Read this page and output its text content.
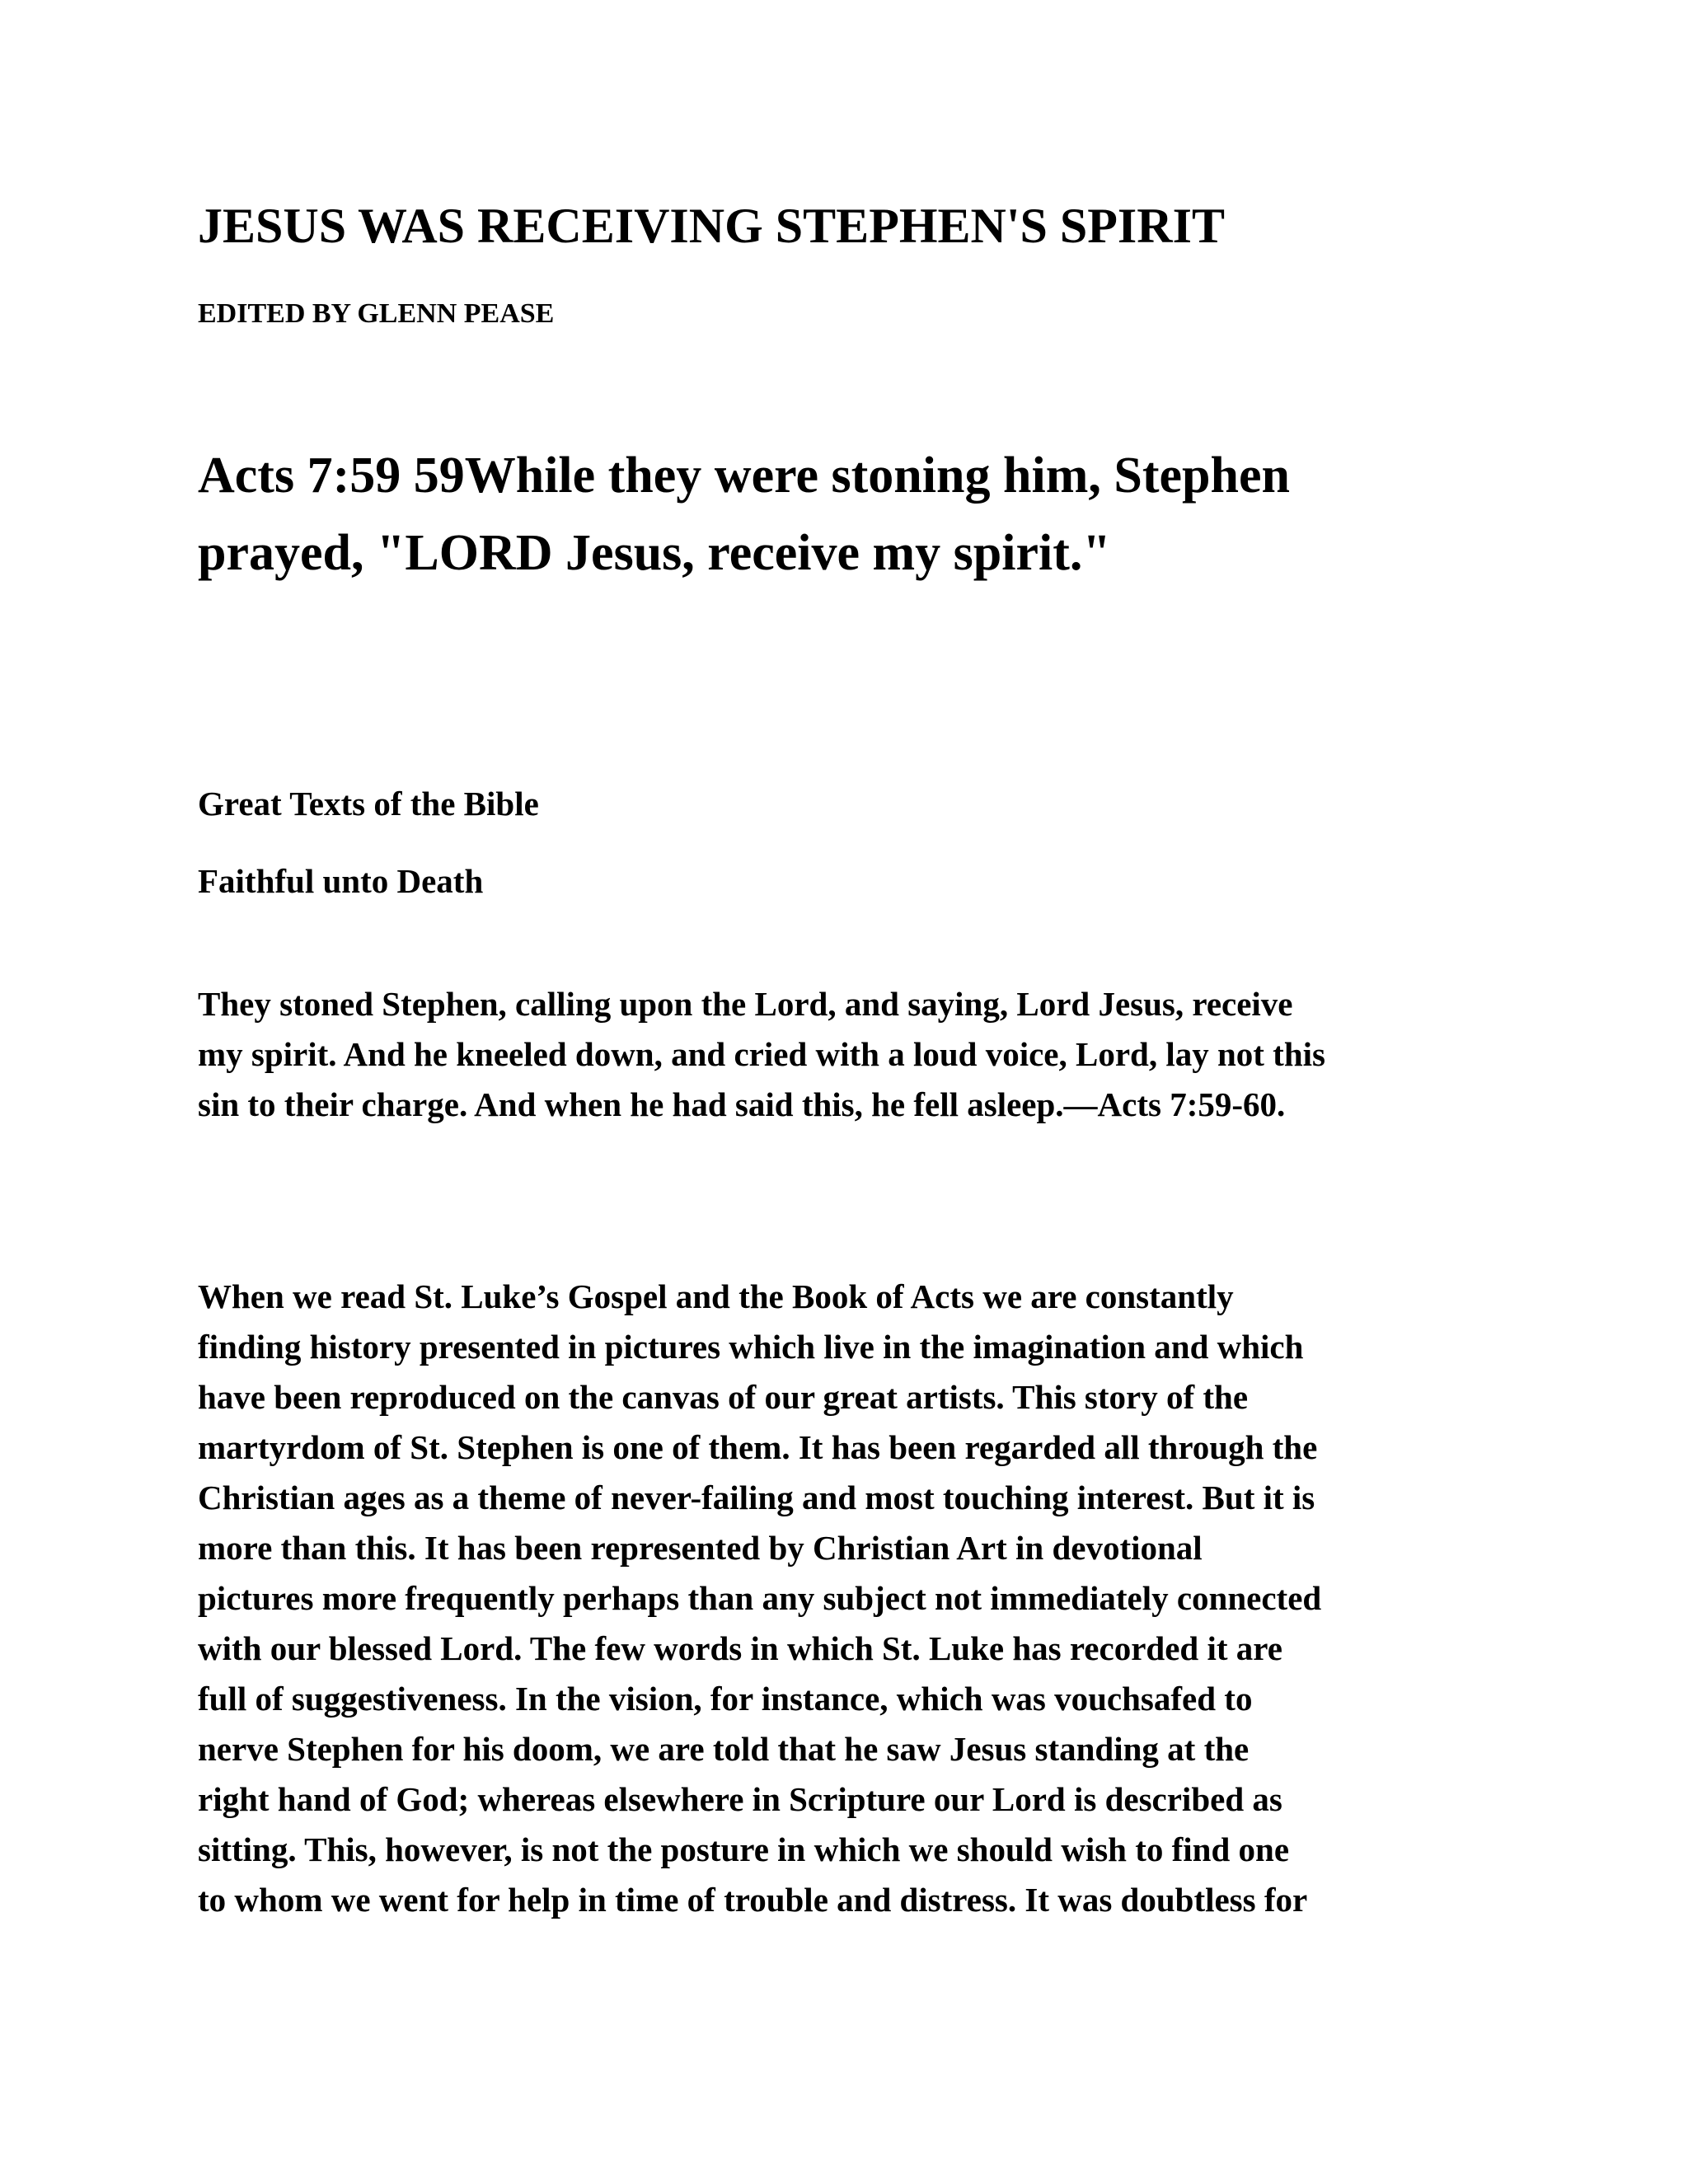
JESUS WAS RECEIVING STEPHEN'S SPIRIT
EDITED BY GLENN PEASE
Acts 7:59 59While they were stoning him, Stephen
prayed, "LORD Jesus, receive my spirit."
Great Texts of the Bible
Faithful unto Death
They stoned Stephen, calling upon the Lord, and saying, Lord Jesus, receive
my spirit. And he kneeled down, and cried with a loud voice, Lord, lay not this
sin to their charge. And when he had said this, he fell asleep.—Acts 7:59-60.
When we read St. Luke’s Gospel and the Book of Acts we are constantly
finding history presented in pictures which live in the imagination and which
have been reproduced on the canvas of our great artists. This story of the
martyrdom of St. Stephen is one of them. It has been regarded all through the
Christian ages as a theme of never-failing and most touching interest. But it is
more than this. It has been represented by Christian Art in devotional
pictures more frequently perhaps than any subject not immediately connected
with our blessed Lord. The few words in which St. Luke has recorded it are
full of suggestiveness. In the vision, for instance, which was vouchsafed to
nerve Stephen for his doom, we are told that he saw Jesus standing at the
right hand of God; whereas elsewhere in Scripture our Lord is described as
sitting. This, however, is not the posture in which we should wish to find one
to whom we went for help in time of trouble and distress. It was doubtless for
